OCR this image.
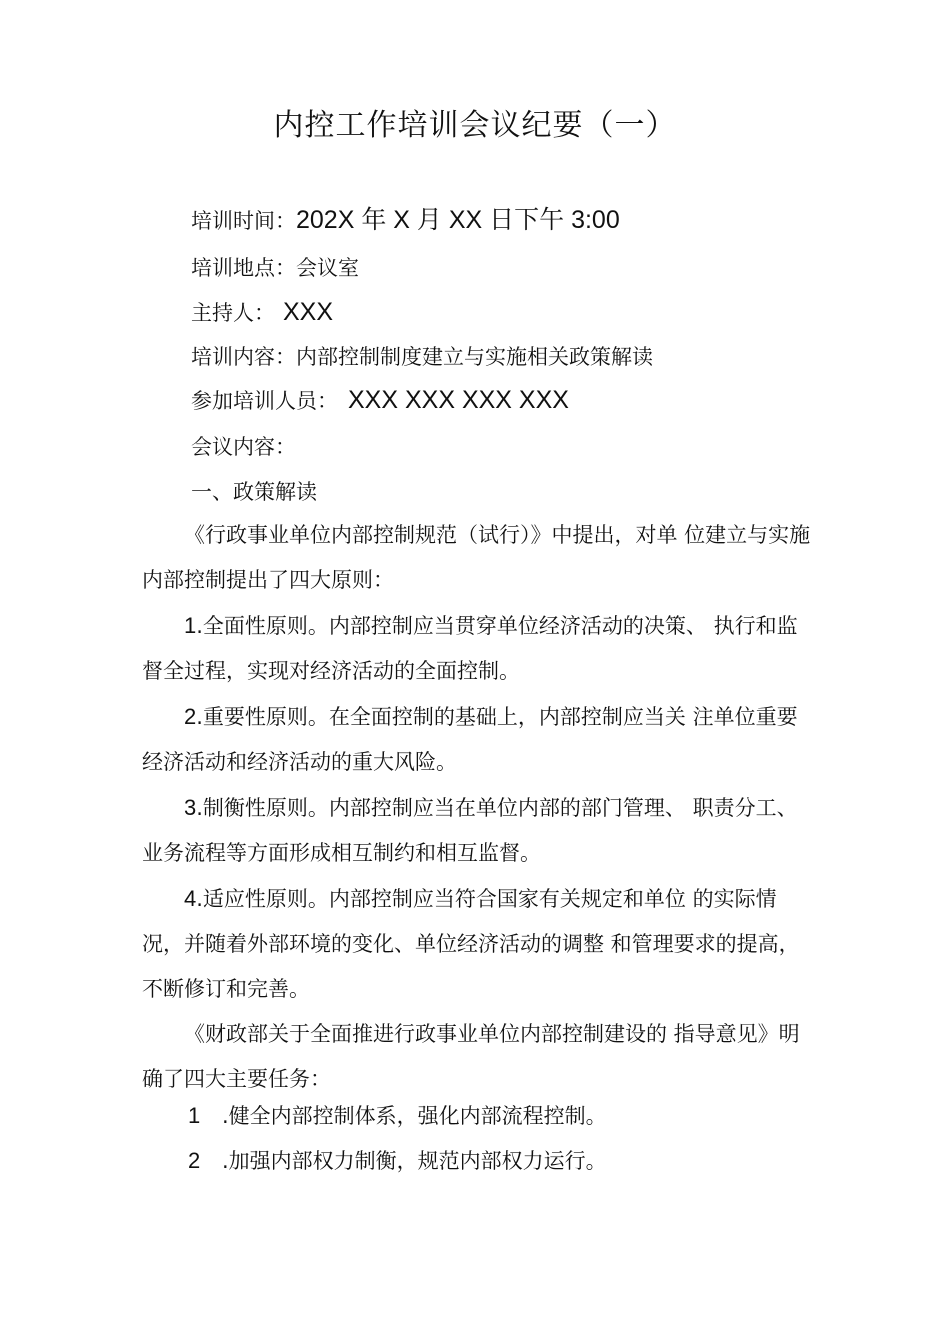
内控工作培训会议纪要（一）
培训时间：202X 年 X 月 XX 日下午 3:00
培训地点：会议室
主持人： XXX
培训内容：内部控制制度建立与实施相关政策解读
参加培训人员： XXX XXX XXX XXX
会议内容：
一、政策解读

《行政事业单位内部控制规范（试行）》中提出，对单 位建立与实施内部控制提出了四大原则：

1.全面性原则。内部控制应当贯穿单位经济活动的决策、 执行和监督全过程，实现对经济活动的全面控制。

2.重要性原则。在全面控制的基础上，内部控制应当关 注单位重要经济活动和经济活动的重大风险。

3.制衡性原则。内部控制应当在单位内部的部门管理、 职责分工、业务流程等方面形成相互制约和相互监督。

4.适应性原则。内部控制应当符合国家有关规定和单位 的实际情况，并随着外部环境的变化、单位经济活动的调整 和管理要求的提高，不断修订和完善。

《财政部关于全面推进行政事业单位内部控制建设的 指导意见》明确了四大主要任务：

1 .健全内部控制体系，强化内部流程控制。
2 .加强内部权力制衡，规范内部权力运行。
